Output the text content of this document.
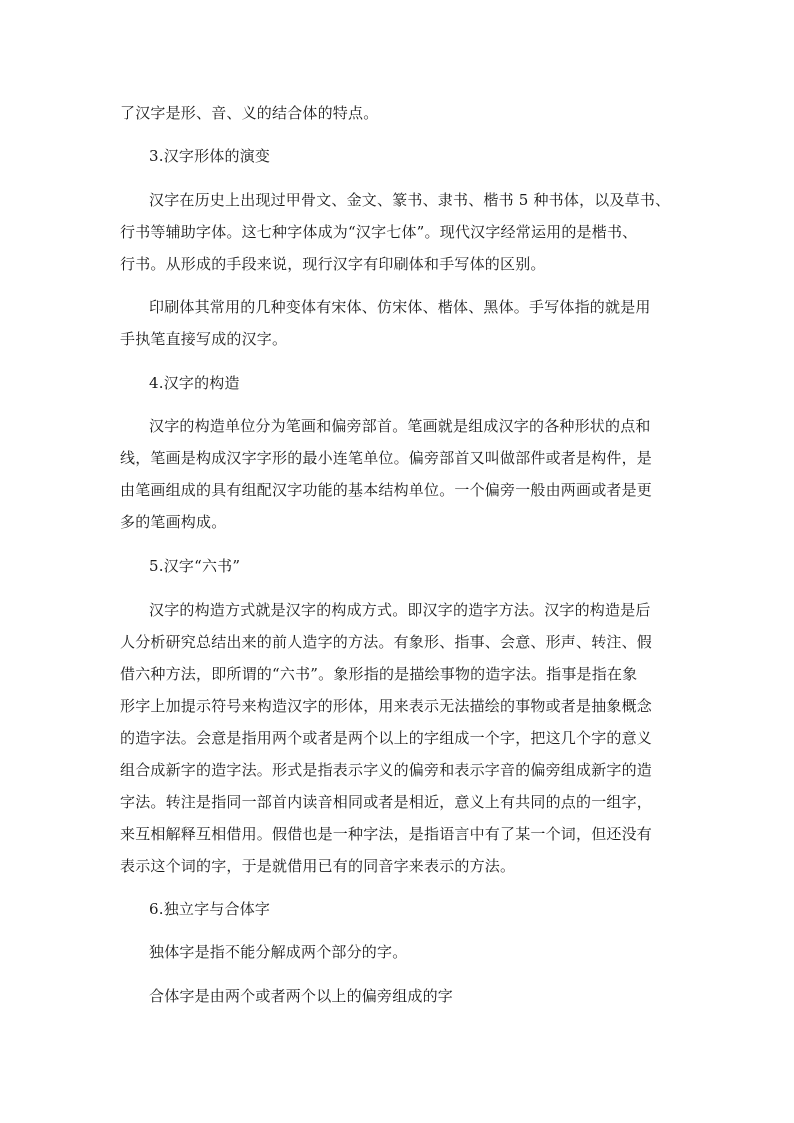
了汉字是形、音、义的结合体的特点。
3.汉字形体的演变
汉字在历史上出现过甲骨文、金文、篆书、隶书、楷书 5 种书体，以及草书、
行书等辅助字体。这七种字体成为“汉字七体”。现代汉字经常运用的是楷书、
行书。从形成的手段来说，现行汉字有印刷体和手写体的区别。
印刷体其常用的几种变体有宋体、仿宋体、楷体、黑体。手写体指的就是用
手执笔直接写成的汉字。
4.汉字的构造
汉字的构造单位分为笔画和偏旁部首。笔画就是组成汉字的各种形状的点和
线，笔画是构成汉字字形的最小连笔单位。偏旁部首又叫做部件或者是构件，是
由笔画组成的具有组配汉字功能的基本结构单位。一个偏旁一般由两画或者是更
多的笔画构成。
5.汉字“六书”
汉字的构造方式就是汉字的构成方式。即汉字的造字方法。汉字的构造是后
人分析研究总结出来的前人造字的方法。有象形、指事、会意、形声、转注、假
借六种方法，即所谓的“六书”。象形指的是描绘事物的造字法。指事是指在象
形字上加提示符号来构造汉字的形体，用来表示无法描绘的事物或者是抽象概念
的造字法。会意是指用两个或者是两个以上的字组成一个字，把这几个字的意义
组合成新字的造字法。形式是指表示字义的偏旁和表示字音的偏旁组成新字的造
字法。转注是指同一部首内读音相同或者是相近，意义上有共同的点的一组字，
来互相解释互相借用。假借也是一种字法，是指语言中有了某一个词，但还没有
表示这个词的字，于是就借用已有的同音字来表示的方法。
6.独立字与合体字
独体字是指不能分解成两个部分的字。
合体字是由两个或者两个以上的偏旁组成的字
